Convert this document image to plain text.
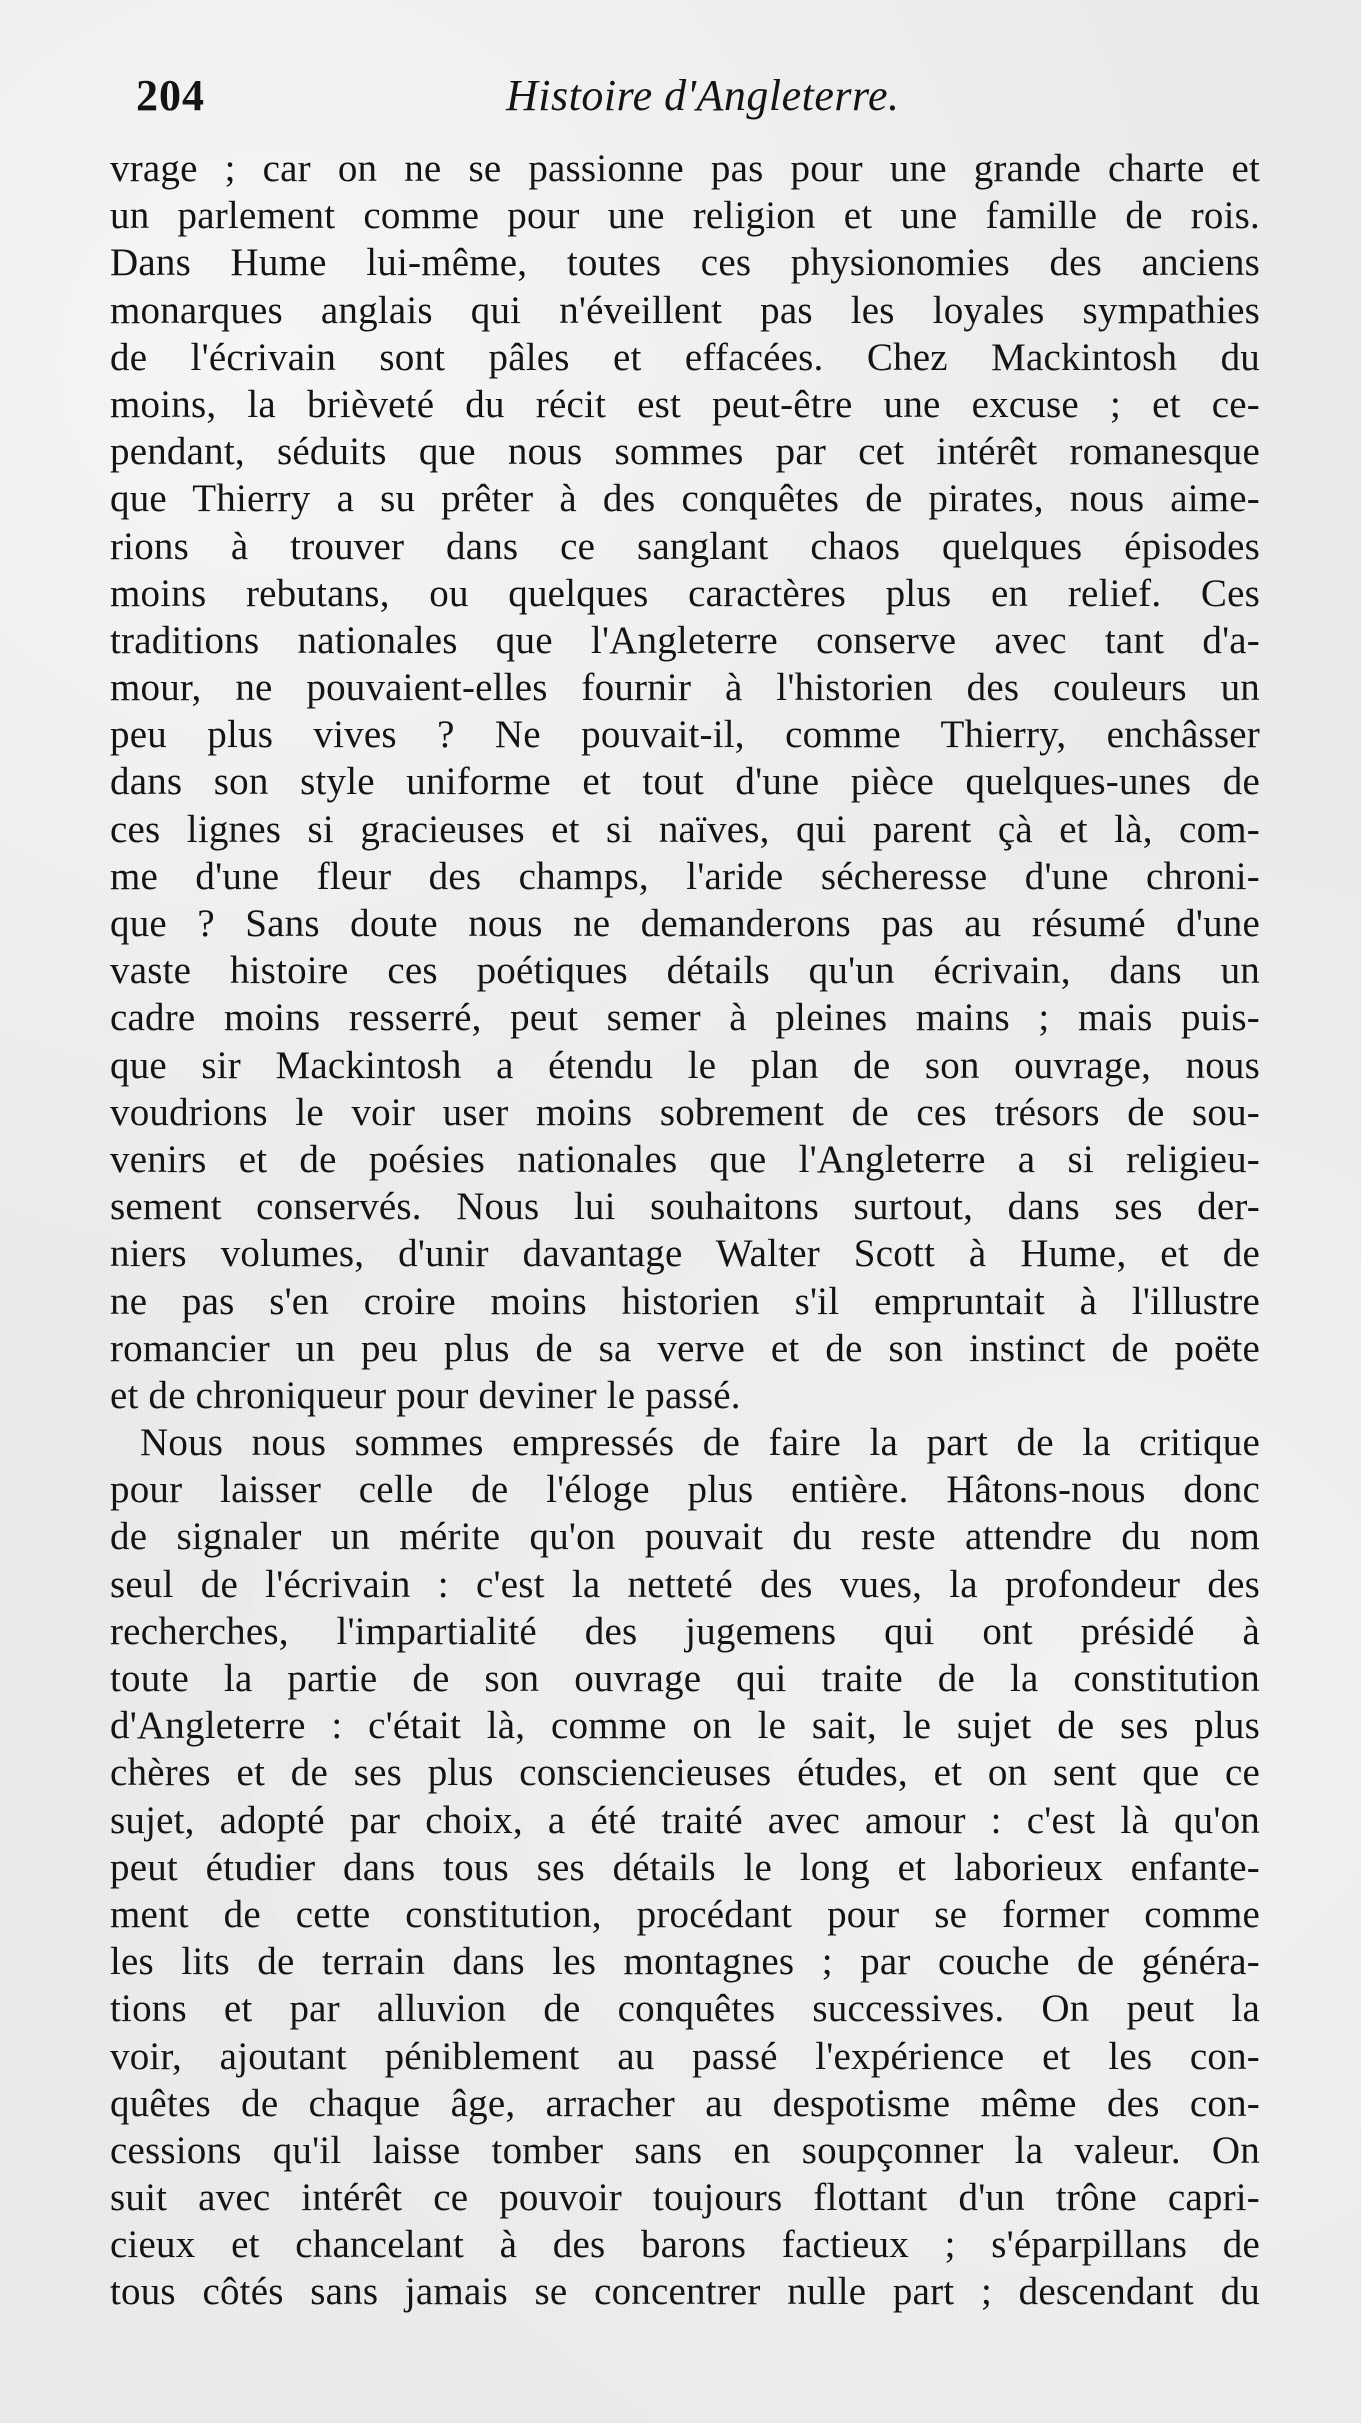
204	Histoire d'Angleterre.
vrage ; car on ne se passionne pas pour une grande charte et
un parlement comme pour une religion et une famille de rois.
Dans Hume lui-même, toutes ces physionomies des anciens
monarques anglais qui n'éveillent pas les loyales sympathies
de l'écrivain sont pâles et effacées. Chez Mackintosh du
moins, la brièveté du récit est peut-être une excuse ; et ce-
pendant, séduits que nous sommes par cet intérêt romanesque
que Thierry a su prêter à des conquêtes de pirates, nous aime-
rions à trouver dans ce sanglant chaos quelques épisodes
moins rebutans, ou quelques caractères plus en relief. Ces
traditions nationales que l'Angleterre conserve avec tant d'a-
mour, ne pouvaient-elles fournir à l'historien des couleurs un
peu plus vives ? Ne pouvait-il, comme Thierry, enchâsser
dans son style uniforme et tout d'une pièce quelques-unes de
ces lignes si gracieuses et si naïves, qui parent çà et là, com-
me d'une fleur des champs, l'aride sécheresse d'une chroni-
que ? Sans doute nous ne demanderons pas au résumé d'une
vaste histoire ces poétiques détails qu'un écrivain, dans un
cadre moins resserré, peut semer à pleines mains ; mais puis-
que sir Mackintosh a étendu le plan de son ouvrage, nous
voudrions le voir user moins sobrement de ces trésors de sou-
venirs et de poésies nationales que l'Angleterre a si religieu-
sement conservés. Nous lui souhaitons surtout, dans ses der-
niers volumes, d'unir davantage Walter Scott à Hume, et de
ne pas s'en croire moins historien s'il empruntait à l'illustre
romancier un peu plus de sa verve et de son instinct de poëte
et de chroniqueur pour deviner le passé.
Nous nous sommes empressés de faire la part de la critique
pour laisser celle de l'éloge plus entière. Hâtons-nous donc
de signaler un mérite qu'on pouvait du reste attendre du nom
seul de l'écrivain : c'est la netteté des vues, la profondeur des
recherches, l'impartialité des jugemens qui ont présidé à
toute la partie de son ouvrage qui traite de la constitution
d'Angleterre : c'était là, comme on le sait, le sujet de ses plus
chères et de ses plus consciencieuses études, et on sent que ce
sujet, adopté par choix, a été traité avec amour : c'est là qu'on
peut étudier dans tous ses détails le long et laborieux enfante-
ment de cette constitution, procédant pour se former comme
les lits de terrain dans les montagnes ; par couche de généra-
tions et par alluvion de conquêtes successives. On peut la
voir, ajoutant péniblement au passé l'expérience et les con-
quêtes de chaque âge, arracher au despotisme même des con-
cessions qu'il laisse tomber sans en soupçonner la valeur. On
suit avec intérêt ce pouvoir toujours flottant d'un trône capri-
cieux et chancelant à des barons factieux ; s'éparpillans de
tous côtés sans jamais se concentrer nulle part ; descendant du
